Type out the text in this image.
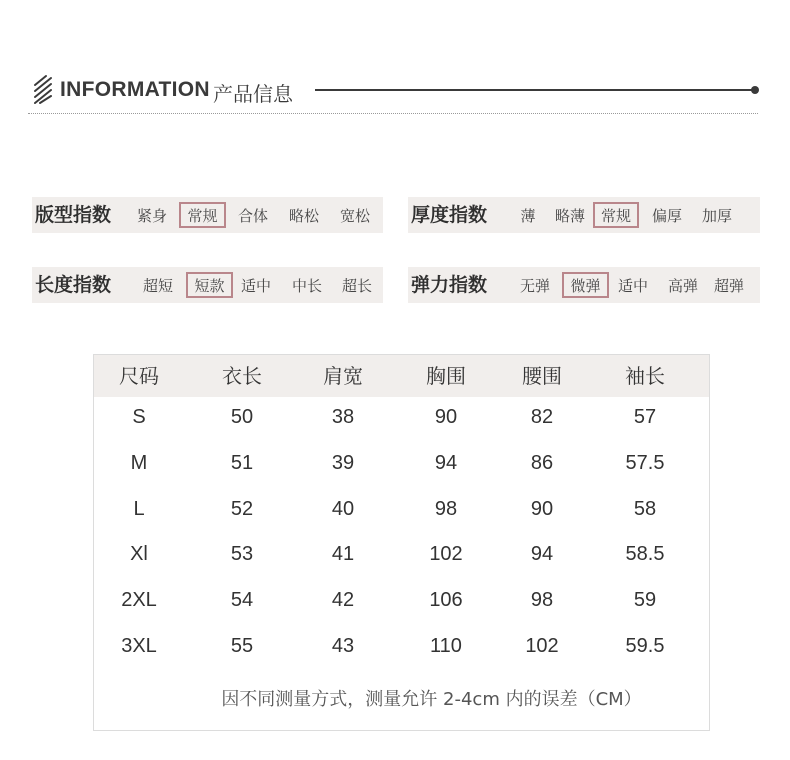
INFORMATION 产品信息
版型指数	紧身	常规	合体	略松	宽松	厚度指数	薄	略薄	常规	偏厚	加厚
长度指数	超短	短款	适中	中长	超长	弹力指数	无弹	微弹	适中	高弹	超弹
尺码	衣长	肩宽	胸围	腰围	袖长
S	50	38	90	82	57
M	51	39	94	86	57.5
L	52	40	98	90	58
Xl	53	41	102	94	58.5
2XL	54	42	106	98	59
3XL	55	43	110	102	59.5
因不同测量方式，测量允许 2-4cm 内的误差（CM）
